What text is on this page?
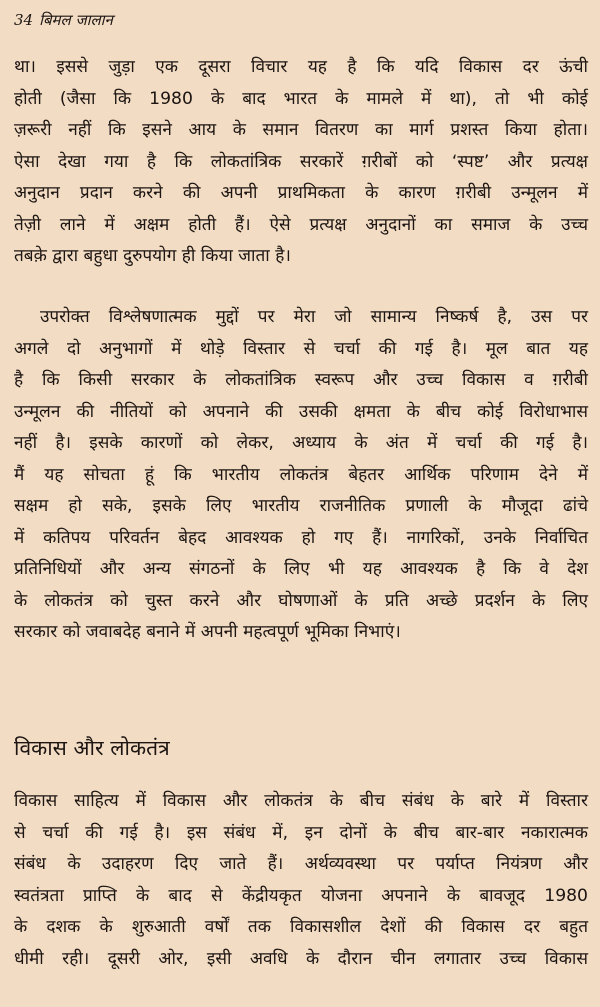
34 बिमल जालान

था। इससे जुड़ा एक दूसरा विचार यह है कि यदि विकास दर ऊंची
होती (जैसा कि 1980 के बाद भारत के मामले में था), तो भी कोई
ज़रूरी नहीं कि इसने आय के समान वितरण का मार्ग प्रशस्त किया होता।
ऐसा देखा गया है कि लोकतांत्रिक सरकारें ग़रीबों को ‘स्पष्ट’ और प्रत्यक्ष
अनुदान प्रदान करने की अपनी प्राथमिकता के कारण ग़रीबी उन्मूलन में
तेज़ी लाने में अक्षम होती हैं। ऐसे प्रत्यक्ष अनुदानों का समाज के उच्च
तबक़े द्वारा बहुधा दुरुपयोग ही किया जाता है।

उपरोक्त विश्लेषणात्मक मुद्दों पर मेरा जो सामान्य निष्कर्ष है, उस पर
अगले दो अनुभागों में थोड़े विस्तार से चर्चा की गई है। मूल बात यह
है कि किसी सरकार के लोकतांत्रिक स्वरूप और उच्च विकास व ग़रीबी
उन्मूलन की नीतियों को अपनाने की उसकी क्षमता के बीच कोई विरोधाभास
नहीं है। इसके कारणों को लेकर, अध्याय के अंत में चर्चा की गई है।
मैं यह सोचता हूं कि भारतीय लोकतंत्र बेहतर आर्थिक परिणाम देने में
सक्षम हो सके, इसके लिए भारतीय राजनीतिक प्रणाली के मौजूदा ढांचे
में कतिपय परिवर्तन बेहद आवश्यक हो गए हैं। नागरिकों, उनके निर्वाचित
प्रतिनिधियों और अन्य संगठनों के लिए भी यह आवश्यक है कि वे देश
के लोकतंत्र को चुस्त करने और घोषणाओं के प्रति अच्छे प्रदर्शन के लिए
सरकार को जवाबदेह बनाने में अपनी महत्वपूर्ण भूमिका निभाएं।

विकास और लोकतंत्र

विकास साहित्य में विकास और लोकतंत्र के बीच संबंध के बारे में विस्तार
से चर्चा की गई है। इस संबंध में, इन दोनों के बीच बार-बार नकारात्मक
संबंध के उदाहरण दिए जाते हैं। अर्थव्यवस्था पर पर्याप्त नियंत्रण और
स्वतंत्रता प्राप्ति के बाद से केंद्रीयकृत योजना अपनाने के बावजूद 1980
के दशक के शुरुआती वर्षों तक विकासशील देशों की विकास दर बहुत
धीमी रही। दूसरी ओर, इसी अवधि के दौरान चीन लगातार उच्च विकास
